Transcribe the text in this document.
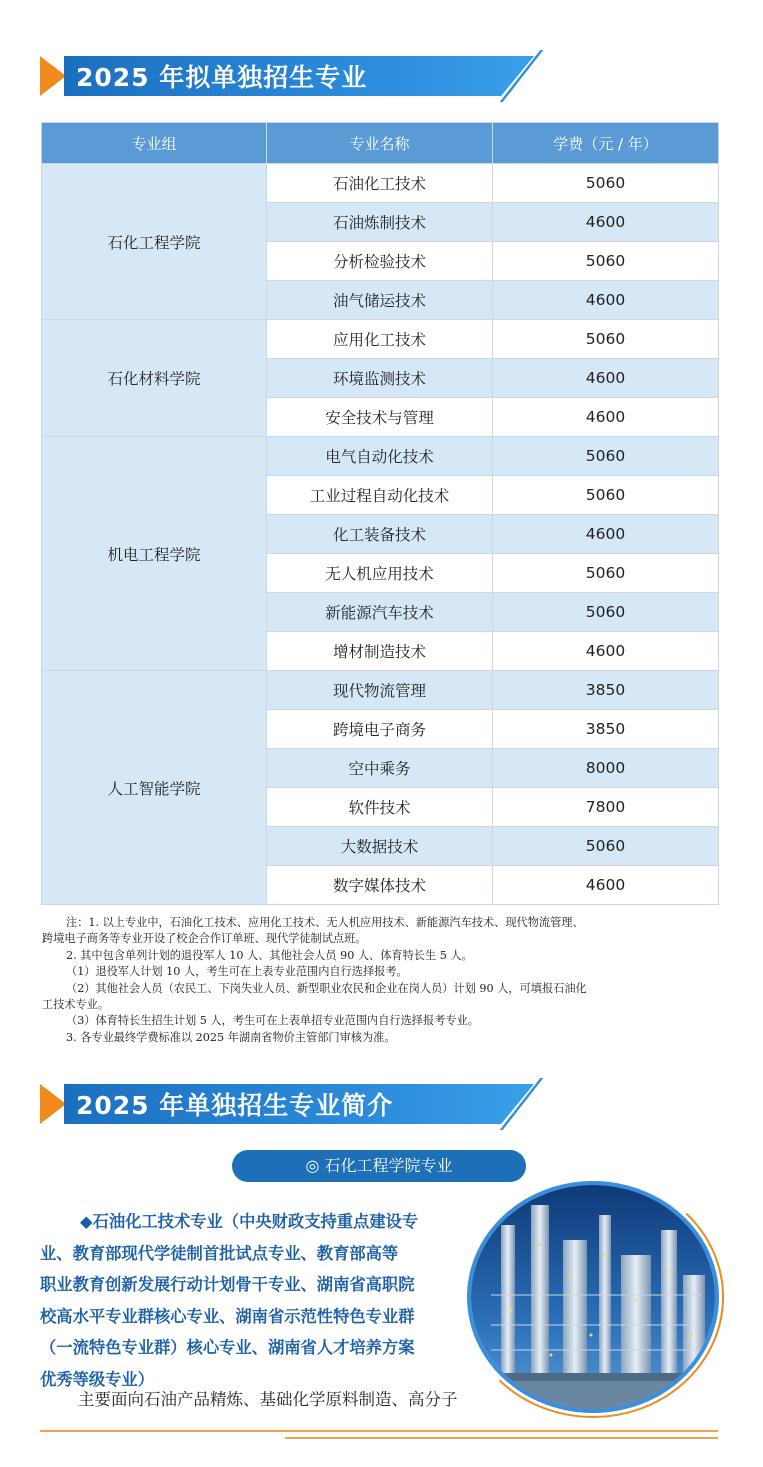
2025 年拟单独招生专业
专业组	专业名称	学费（元 / 年）
石化工程学院	石油化工技术	5060
	石油炼制技术	4600
	分析检验技术	5060
	油气储运技术	4600
石化材料学院	应用化工技术	5060
	环境监测技术	4600
	安全技术与管理	4600
机电工程学院	电气自动化技术	5060
	工业过程自动化技术	5060
	化工装备技术	4600
	无人机应用技术	5060
	新能源汽车技术	5060
	增材制造技术	4600
人工智能学院	现代物流管理	3850
	跨境电子商务	3850
	空中乘务	8000
	软件技术	7800
	大数据技术	5060
	数字媒体技术	4600

注：1. 以上专业中，石油化工技术、应用化工技术、无人机应用技术、新能源汽车技术、现代物流管理、

跨境电子商务等专业开设了校企合作订单班、现代学徒制试点班。

2. 其中包含单列计划的退役军人 10 人、其他社会人员 90 人、体育特长生 5 人。

（1）退役军人计划 10 人，考生可在上表专业范围内自行选择报考。

（2）其他社会人员（农民工、下岗失业人员、新型职业农民和企业在岗人员）计划 90 人，可填报石油化

工技术专业。

（3）体育特长生招生计划 5 人，考生可在上表单招专业范围内自行选择报考专业。

3. 各专业最终学费标准以 2025 年湖南省物价主管部门审核为准。

2025 年单独招生专业简介
◎ 石化工程学院专业
◆石油化工技术专业（中央财政支持重点建设专
业、教育部现代学徒制首批试点专业、教育部高等
职业教育创新发展行动计划骨干专业、湖南省高职院
校高水平专业群核心专业、湖南省示范性特色专业群
（一流特色专业群）核心专业、湖南省人才培养方案
优秀等级专业）
主要面向石油产品精炼、基础化学原料制造、高分子
